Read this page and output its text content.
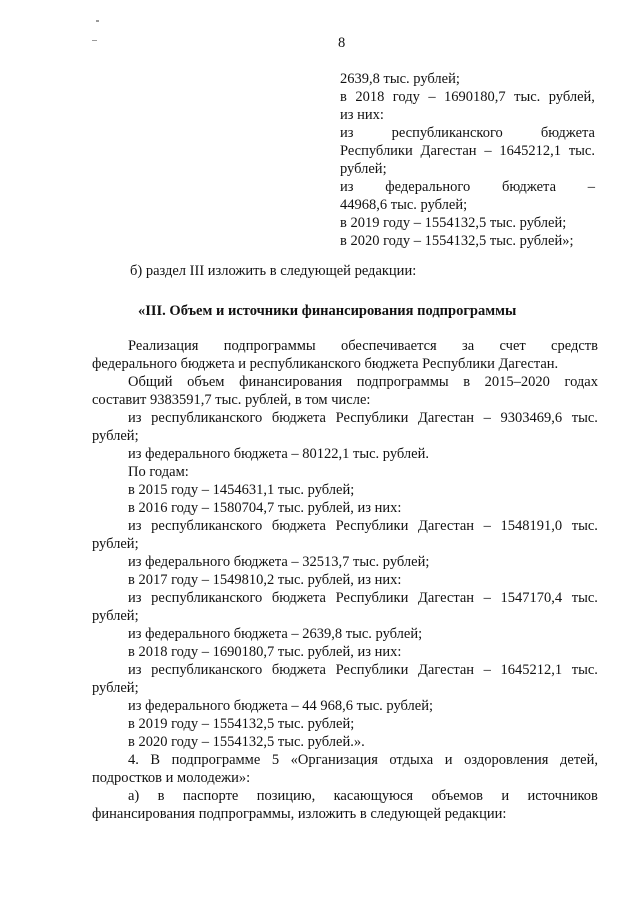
8
2639,8 тыс. рублей;
в 2018 году – 1690180,7 тыс. рублей,
из них:
из	республиканского	бюджета
Республики Дагестан – 1645212,1 тыс.
рублей;
из федерального бюджета –
44968,6 тыс. рублей;
в 2019 году – 1554132,5 тыс. рублей;
в 2020 году – 1554132,5 тыс. рублей»;
б) раздел III изложить в следующей редакции:
«III. Объем и источники финансирования подпрограммы
Реализация подпрограммы обеспечивается за счет средств
федерального бюджета и республиканского бюджета Республики Дагестан.
Общий объем финансирования подпрограммы в 2015–2020 годах
составит 9383591,7 тыс. рублей, в том числе:
из республиканского бюджета Республики Дагестан – 9303469,6 тыс.
рублей;
из федерального бюджета – 80122,1 тыс. рублей.
По годам:
в 2015 году – 1454631,1 тыс. рублей;
в 2016 году – 1580704,7 тыс. рублей, из них:
из республиканского бюджета Республики Дагестан – 1548191,0 тыс.
рублей;
из федерального бюджета – 32513,7 тыс. рублей;
в 2017 году – 1549810,2 тыс. рублей, из них:
из республиканского бюджета Республики Дагестан – 1547170,4 тыс.
рублей;
из федерального бюджета – 2639,8 тыс. рублей;
в 2018 году – 1690180,7 тыс. рублей, из них:
из республиканского бюджета Республики Дагестан – 1645212,1 тыс.
рублей;
из федерального бюджета – 44 968,6 тыс. рублей;
в 2019 году – 1554132,5 тыс. рублей;
в 2020 году – 1554132,5 тыс. рублей.».
4. В подпрограмме 5 «Организация отдыха и оздоровления детей,
подростков и молодежи»:
а) в паспорте позицию, касающуюся объемов и источников
финансирования подпрограммы, изложить в следующей редакции:
